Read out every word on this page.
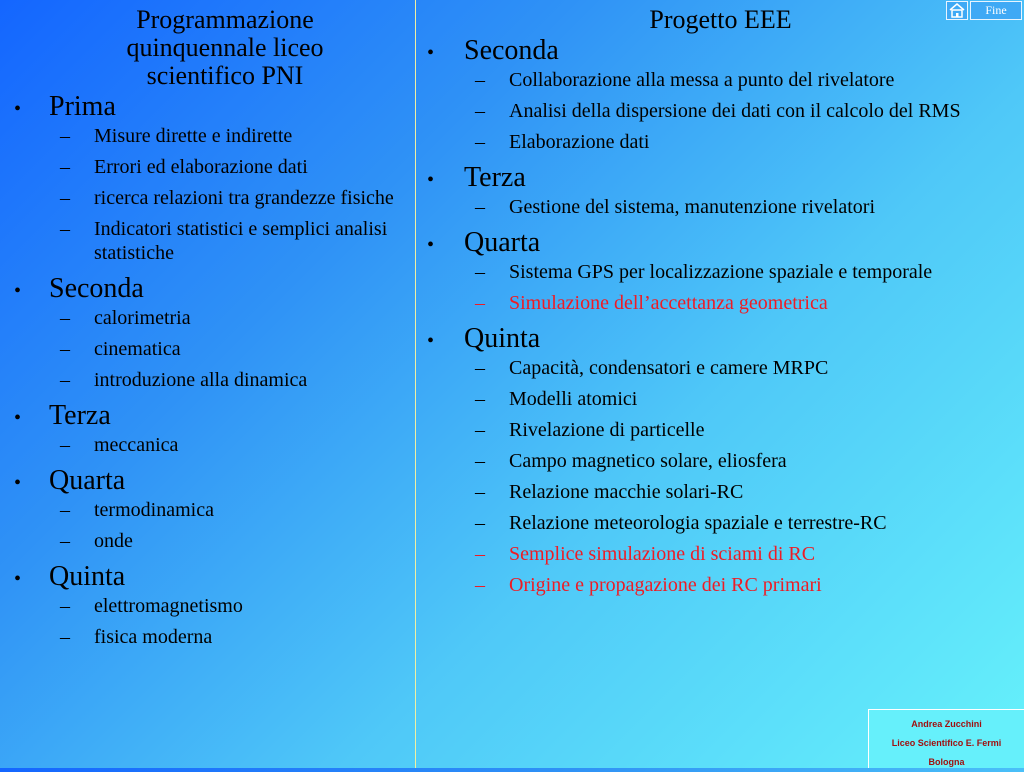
Programmazione
quinquennale liceo
scientifico PNI
• Prima
– Misure dirette e indirette
– Errori ed elaborazione dati
– ricerca relazioni tra grandezze fisiche
– Indicatori statistici e semplici analisi statistiche
• Seconda
– calorimetria
– cinematica
– introduzione alla dinamica
• Terza
– meccanica
• Quarta
– termodinamica
– onde
• Quinta
– elettromagnetismo
– fisica moderna
Progetto EEE
• Seconda
– Collaborazione alla messa a punto del rivelatore
– Analisi della dispersione dei dati con il calcolo del RMS
– Elaborazione dati
• Terza
– Gestione del sistema, manutenzione rivelatori
• Quarta
– Sistema GPS per localizzazione spaziale e temporale
– Simulazione dell’accettanza geometrica
• Quinta
– Capacità, condensatori e camere MRPC
– Modelli atomici
– Rivelazione di particelle
– Campo magnetico solare, eliosfera
– Relazione macchie solari-RC
– Relazione meteorologia spaziale e terrestre-RC
– Semplice simulazione di sciami di RC
– Origine e propagazione dei RC primari
Fine
Andrea Zucchini
Liceo Scientifico E. Fermi
Bologna
